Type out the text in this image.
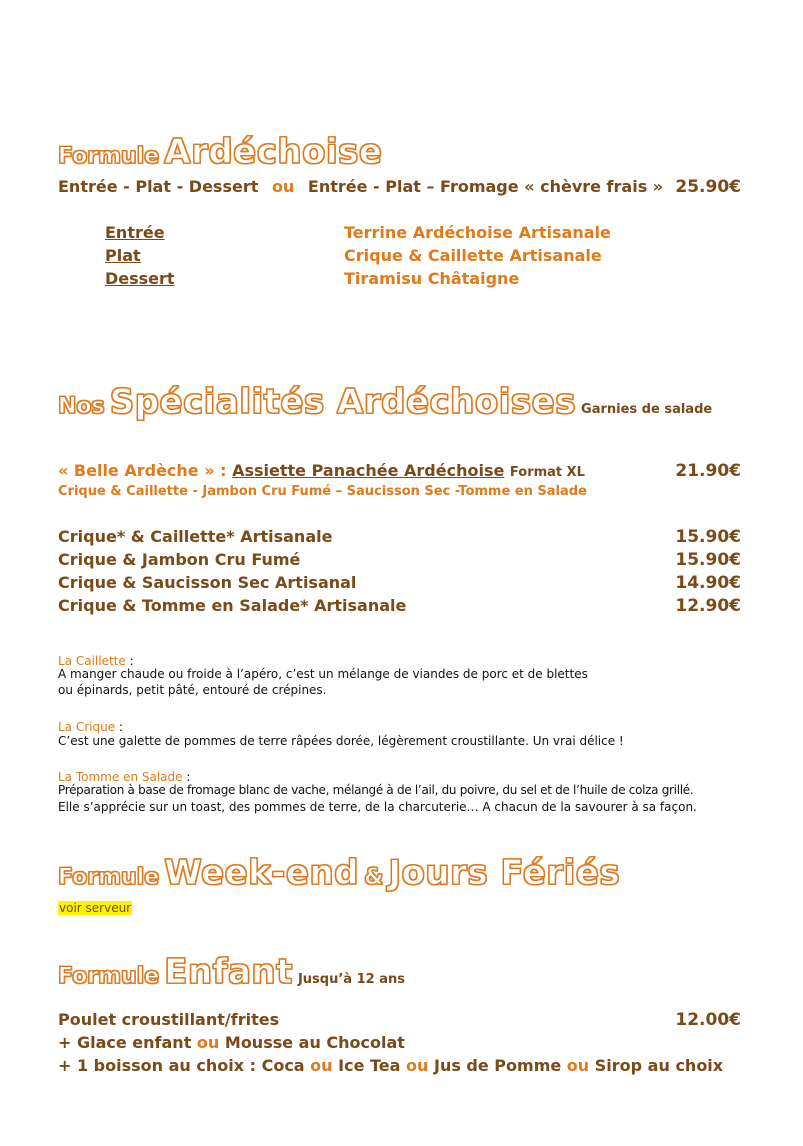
Formule Ardéchoise
Entrée - Plat - Dessert ou Entrée - Plat – Fromage « chèvre frais » 25.90€
Entrée	Terrine Ardéchoise Artisanale
Plat	Crique & Caillette Artisanale
Dessert	Tiramisu Châtaigne
Nos Spécialités Ardéchoises Garnies de salade
« Belle Ardèche » : Assiette Panachée Ardéchoise Format XL	21.90€
Crique & Caillette - Jambon Cru Fumé – Saucisson Sec -Tomme en Salade
Crique* & Caillette* Artisanale	15.90€
Crique & Jambon Cru Fumé	15.90€
Crique & Saucisson Sec Artisanal	14.90€
Crique & Tomme en Salade* Artisanale	12.90€
La Caillette :
A manger chaude ou froide à l’apéro, c’est un mélange de viandes de porc et de blettes
ou épinards, petit pâté, entouré de crépines.
La Crique :
C’est une galette de pommes de terre râpées dorée, légèrement croustillante. Un vrai délice !
La Tomme en Salade :
Préparation à base de fromage blanc de vache, mélangé à de l’ail, du poivre, du sel et de l’huile de colza grillé.
Elle s’apprécie sur un toast, des pommes de terre, de la charcuterie… A chacun de la savourer à sa façon.
Formule Week-end & Jours Fériés
voir serveur
Formule Enfant Jusqu’à 12 ans
Poulet croustillant/frites	12.00€
+ Glace enfant ou Mousse au Chocolat
+ 1 boisson au choix : Coca ou Ice Tea ou Jus de Pomme ou Sirop au choix
